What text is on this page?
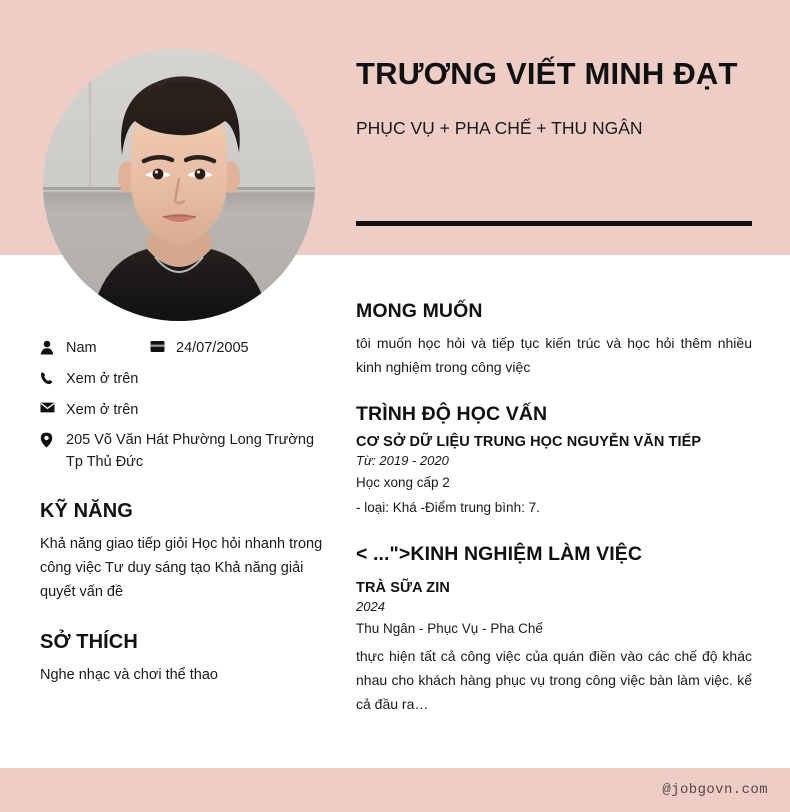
TRƯƠNG VIẾT MINH ĐẠT
PHỤC VỤ + PHA CHẾ + THU NGÂN
Nam	24/07/2005
Xem ở trên
Xem ở trên
205 Võ Văn Hát Phường Long Trường Tp Thủ Đức
KỸ NĂNG

Khả năng giao tiếp giỏi Học hỏi nhanh trong công việc Tư duy sáng tạo Khả năng giải quyết vấn đề

SỞ THÍCH

Nghe nhạc và chơi thể thao

MONG MUỐN

tôi muốn học hỏi và tiếp tục kiến trúc và học hỏi thêm nhiều kinh nghiệm trong công việc

TRÌNH ĐỘ HỌC VẤN
CƠ SỞ DỮ LIỆU TRUNG HỌC NGUYỄN VĂN TIẾP
Từ: 2019 - 2020
Học xong cấp 2
- loại: Khá -Điểm trung bình: 7.
< ...">KINH NGHIỆM LÀM VIỆC
TRÀ SỮA ZIN
2024
Thu Ngân - Phục Vụ - Pha Chế

thực hiện tất cả công việc của quán điền vào các chế độ khác nhau cho khách hàng phục vụ trong công việc bàn làm việc. kể cả đầu ra…

@jobgovn.com
